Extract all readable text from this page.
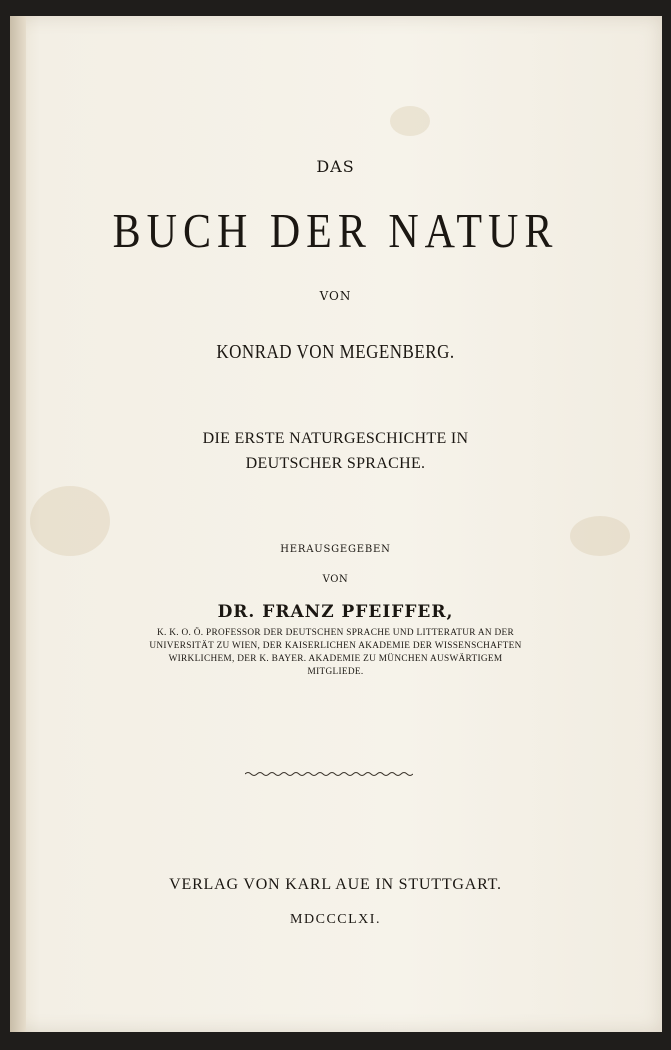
DAS
BUCH DER NATUR
VON
KONRAD VON MEGENBERG.
DIE ERSTE NATURGESCHICHTE IN
DEUTSCHER SPRACHE.
HERAUSGEGEBEN
VON
DR. FRANZ PFEIFFER,
K. K. O. Ö. PROFESSOR DER DEUTSCHEN SPRACHE UND LITTERATUR AN DER
UNIVERSITÄT ZU WIEN, DER KAISERLICHEN AKADEMIE DER WISSENSCHAFTEN
WIRKLICHEM, DER K. BAYER. AKADEMIE ZU MÜNCHEN AUSWÄRTIGEM
MITGLIEDE.
VERLAG VON KARL AUE IN STUTTGART.
MDCCCLXI.
